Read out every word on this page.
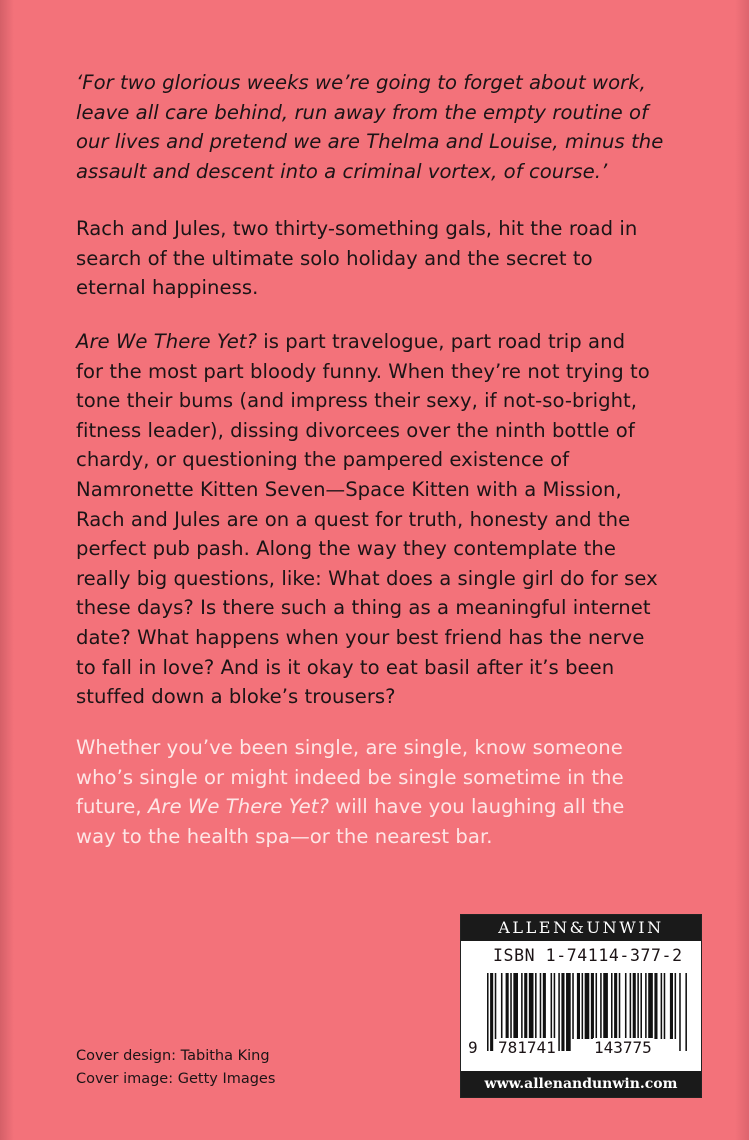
‘For two glorious weeks we’re going to forget about work,
leave all care behind, run away from the empty routine of
our lives and pretend we are Thelma and Louise, minus the
assault and descent into a criminal vortex, of course.’
Rach and Jules, two thirty-something gals, hit the road in
search of the ultimate solo holiday and the secret to
eternal happiness.
Are We There Yet? is part travelogue, part road trip and
for the most part bloody funny. When they’re not trying to
tone their bums (and impress their sexy, if not-so-bright,
fitness leader), dissing divorcees over the ninth bottle of
chardy, or questioning the pampered existence of
Namronette Kitten Seven—Space Kitten with a Mission,
Rach and Jules are on a quest for truth, honesty and the
perfect pub pash. Along the way they contemplate the
really big questions, like: What does a single girl do for sex
these days? Is there such a thing as a meaningful internet
date? What happens when your best friend has the nerve
to fall in love? And is it okay to eat basil after it’s been
stuffed down a bloke’s trousers?
Whether you’ve been single, are single, know someone
who’s single or might indeed be single sometime in the
future, Are We There Yet? will have you laughing all the
way to the health spa—or the nearest bar.
Cover design: Tabitha King
Cover image: Getty Images
ALLEN&UNWIN
ISBN 1-74114-377-2
9 781741 143775
www.allenandunwin.com
